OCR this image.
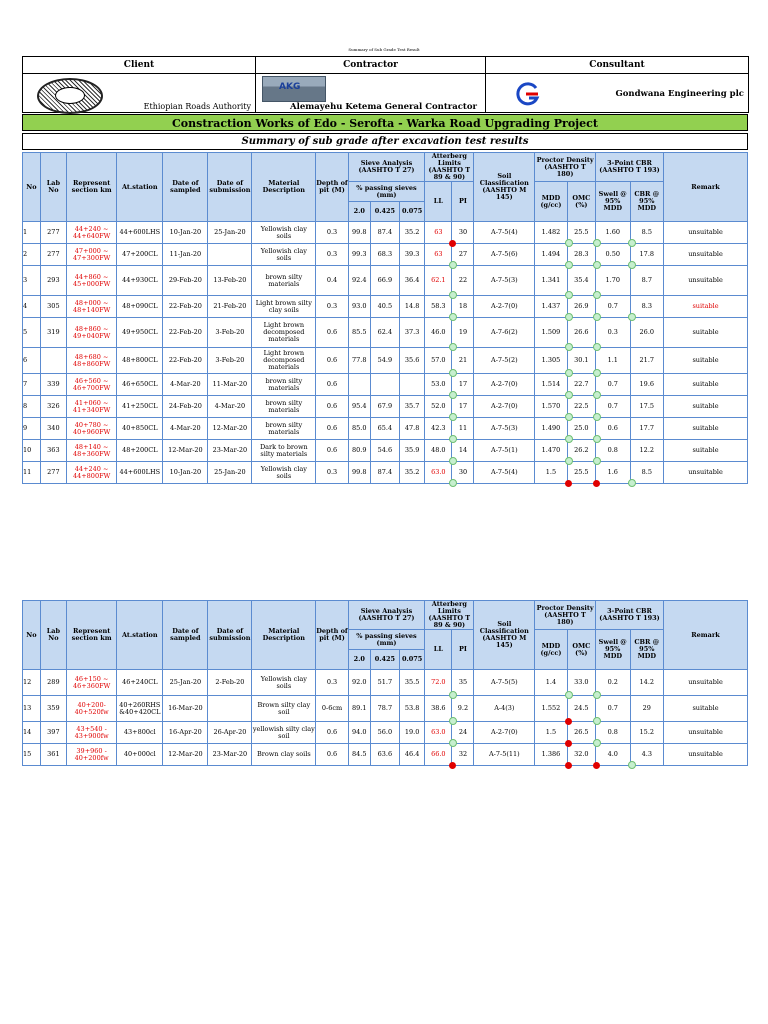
Summary of Sub Grade Test Result
Client	Contractor	Consultant

Ethiopian Roads Authority	AKG
Alemayehu Ketema General Contractor	Gondwana Engineering plc
Constraction Works of Edo - Serofta - Warka Road Upgrading Project
Summary of sub grade after excavation test results
No	Lab No	Represent section km	At.station	Date of sampled	Date of submission	Material Description	Depth of pit (M)	Sieve Analysis (AASHTO T 27)			Atterberg Limits (AASHTO T 89 & 90)		Soil Classification (AASHTO M 145)	Proctor Density (AASHTO T 180)		3-Point CBR (AASHTO T 193)		Remark
								% passing sieves (mm)			LL	PI		MDD (g/cc)	OMC (%)	Swell @ 95% MDD	CBR @ 95% MDD	
								2.0	0.425	0.075								
1	277	44+240 ~ 44+640FW	44+600LHS	10-Jan-20	25-Jan-20	Yellowish clay soils	0.3	99.8	87.4	35.2	63	30	A-7-5(4)	1.482	25.5	1.60	8.5	unsuitable
2	277	47+000 ~ 47+300FW	47+200CL	11-Jan-20		Yellowish clay soils	0.3	99.3	68.3	39.3	63	27	A-7-5(6)	1.494	28.3	0.50	17.8	unsuitable
3	293	44+860 ~ 45+000FW	44+930CL	29-Feb-20	13-Feb-20	brown silty materials	0.4	92.4	66.9	36.4	62.1	22	A-7-5(3)	1.341	35.4	1.70	8.7	unsuitable
4	305	48+000 ~ 48+140FW	48+090CL	22-Feb-20	21-Feb-20	Light brown silty clay soils	0.3	93.0	40.5	14.8	58.3	18	A-2-7(0)	1.437	26.9	0.7	8.3	suitable
5	319	48+860 ~ 49+040FW	49+950CL	22-Feb-20	3-Feb-20	Light brown decomposed materials	0.6	85.5	62.4	37.3	46.0	19	A-7-6(2)	1.509	26.6	0.3	26.0	suitable
6		48+680 ~ 48+860FW	48+800CL	22-Feb-20	3-Feb-20	Light brown decomposed materials	0.6	77.8	54.9	35.6	57.0	21	A-7-5(2)	1.305	30.1	1.1	21.7	suitable
7	339	46+560 ~ 46+700FW	46+650CL	4-Mar-20	11-Mar-20	brown silty materials	0.6				53.0	17	A-2-7(0)	1.514	22.7	0.7	19.6	suitable
8	326	41+060 ~ 41+340FW	41+250CL	24-Feb-20	4-Mar-20	brown silty materials	0.6	95.4	67.9	35.7	52.0	17	A-2-7(0)	1.570	22.5	0.7	17.5	suitable
9	340	40+780 ~ 40+960FW	40+850CL	4-Mar-20	12-Mar-20	brown silty materials	0.6	85.0	65.4	47.8	42.3	11	A-7-5(3)	1.490	25.0	0.6	17.7	suitable
10	363	48+140 ~ 48+360FW	48+200CL	12-Mar-20	23-Mar-20	Dark to brown silty materials	0.6	80.9	54.6	35.9	48.0	14	A-7-5(1)	1.470	26.2	0.8	12.2	suitable
11	277	44+240 ~ 44+800FW	44+600LHS	10-Jan-20	25-Jan-20	Yellowish clay soils	0.3	99.8	87.4	35.2	63.0	30	A-7-5(4)	1.5	25.5	1.6	8.5	unsuitable
No	Lab No	Represent section km	At.station	Date of sampled	Date of submission	Material Description	Depth of pit (M)	Sieve Analysis (AASHTO T 27)			Atterberg Limits (AASHTO T 89 & 90)		Soil Classification (AASHTO M 145)	Proctor Density (AASHTO T 180)		3-Point CBR (AASHTO T 193)		Remark
								% passing sieves (mm)			LL	PI		MDD (g/cc)	OMC (%)	Swell @ 95% MDD	CBR @ 95% MDD	
								2.0	0.425	0.075								
12	289	46+150 ~ 46+360FW	46+240CL	25-Jan-20	2-Feb-20	Yellowish clay soils	0.3	92.0	51.7	35.5	72.0	35	A-7-5(5)	1.4	33.0	0.2	14.2	unsuitable
13	359	40+200- 40+520fw	40+260RHS &40+420CL	16-Mar-20		Brown silty clay soil	0-6cm	89.1	78.7	53.8	38.6	9.2	A-4(3)	1.552	24.5	0.7	29	suitable
14	397	43+540 - 43+900fw	43+800cl	16-Apr-20	26-Apr-20	yellowish silty clay soil	0.6	94.0	56.0	19.0	63.0	24	A-2-7(0)	1.5	26.5	0.8	15.2	unsuitable
15	361	39+960 - 40+200fw	40+000cl	12-Mar-20	23-Mar-20	Brown clay soils	0.6	84.5	63.6	46.4	66.0	32	A-7-5(11)	1.386	32.0	4.0	4.3	unsuitable
